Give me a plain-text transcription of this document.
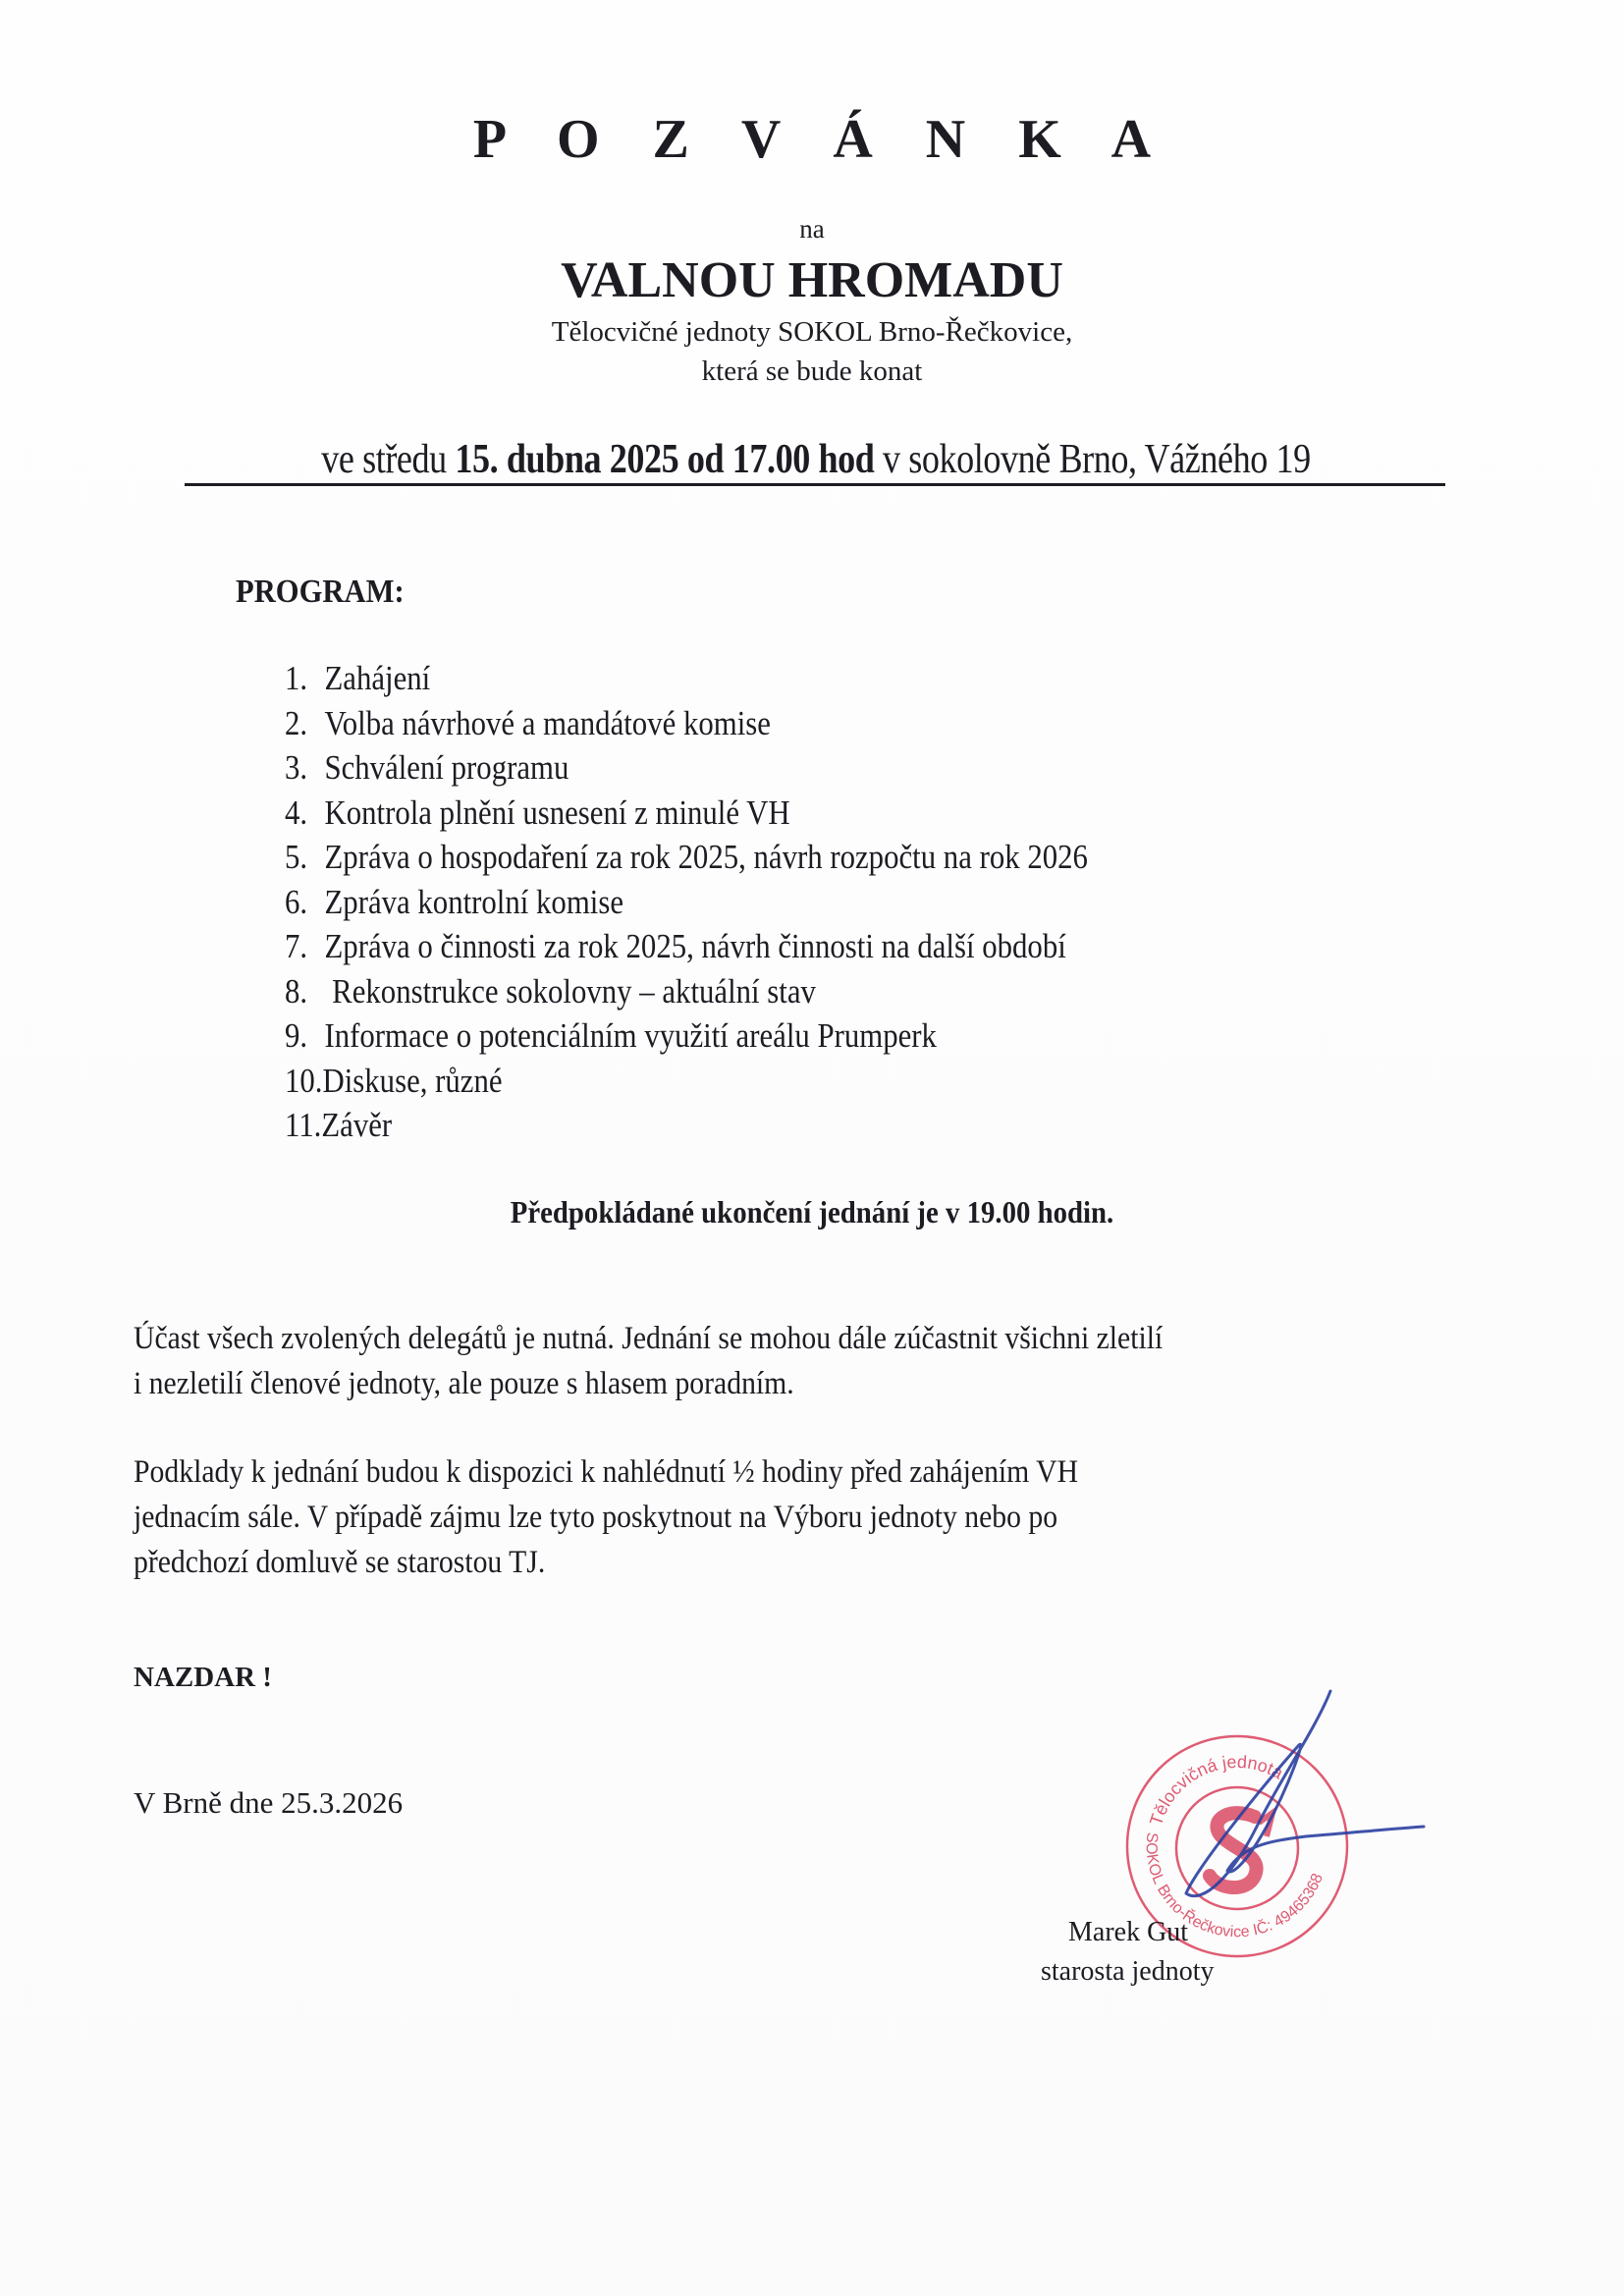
P O Z V Á N K A
na
VALNOU HROMADU
Tělocvičné jednoty SOKOL Brno-Řečkovice,
která se bude konat
ve středu 15. dubna 2025 od 17.00 hod v sokolovně Brno, Vážného 19
PROGRAM:
1. Zahájení
2. Volba návrhové a mandátové komise
3. Schválení programu
4. Kontrola plnění usnesení z minulé VH
5. Zpráva o hospodaření za rok 2025, návrh rozpočtu na rok 2026
6. Zpráva kontrolní komise
7. Zpráva o činnosti za rok 2025, návrh činnosti na další období
8. Rekonstrukce sokolovny – aktuální stav
9. Informace o potenciálním využití areálu Prumperk
10.Diskuse, různé
11.Závěr
Předpokládané ukončení jednání je v 19.00 hodin.

Účast všech zvolených delegátů je nutná. Jednání se mohou dále zúčastnit všichni zletilí

i nezletilí členové jednoty, ale pouze s hlasem poradním.

Podklady k jednání budou k dispozici k nahlédnutí ½ hodiny před zahájením VH

jednacím sále. V případě zájmu lze tyto poskytnout na Výboru jednoty nebo po

předchozí domluvě se starostou TJ.

NAZDAR !
V Brně dne 25.3.2026
Tělocvičná jednota
SOKOL Brno-Řečkovice IČ: 49465368
Marek Gut
starosta jednoty
